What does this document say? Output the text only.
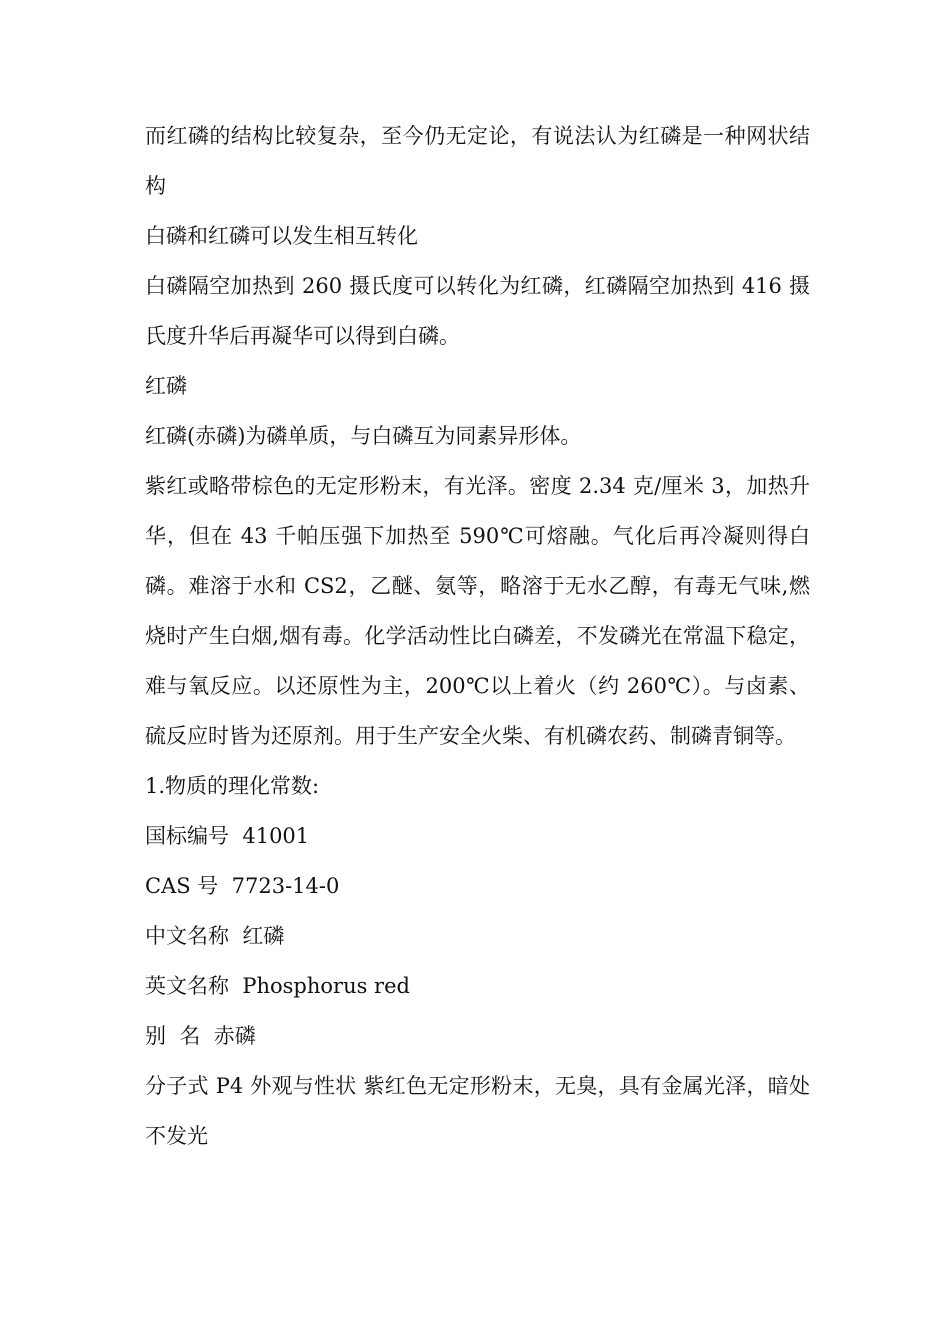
而红磷的结构比较复杂，至今仍无定论，有说法认为红磷是一种网状结构

白磷和红磷可以发生相互转化

白磷隔空加热到 260 摄氏度可以转化为红磷，红磷隔空加热到 416 摄氏度升华后再凝华可以得到白磷。

红磷

红磷(赤磷)为磷单质，与白磷互为同素异形体。

紫红或略带棕色的无定形粉末，有光泽。密度 2.34 克/厘米 3，加热升华，但在 43 千帕压强下加热至 590℃可熔融。气化后再冷凝则得白磷。难溶于水和 CS2，乙醚、氨等，略溶于无水乙醇，有毒无气味,燃烧时产生白烟,烟有毒。化学活动性比白磷差，不发磷光在常温下稳定，难与氧反应。以还原性为主，200℃以上着火（约 260℃）。与卤素、硫反应时皆为还原剂。用于生产安全火柴、有机磷农药、制磷青铜等。

1.物质的理化常数:

国标编号  41001

CAS 号  7723-14-0

中文名称  红磷

英文名称  Phosphorus red

别  名  赤磷

分子式 P4 外观与性状 紫红色无定形粉末，无臭，具有金属光泽，暗处不发光
